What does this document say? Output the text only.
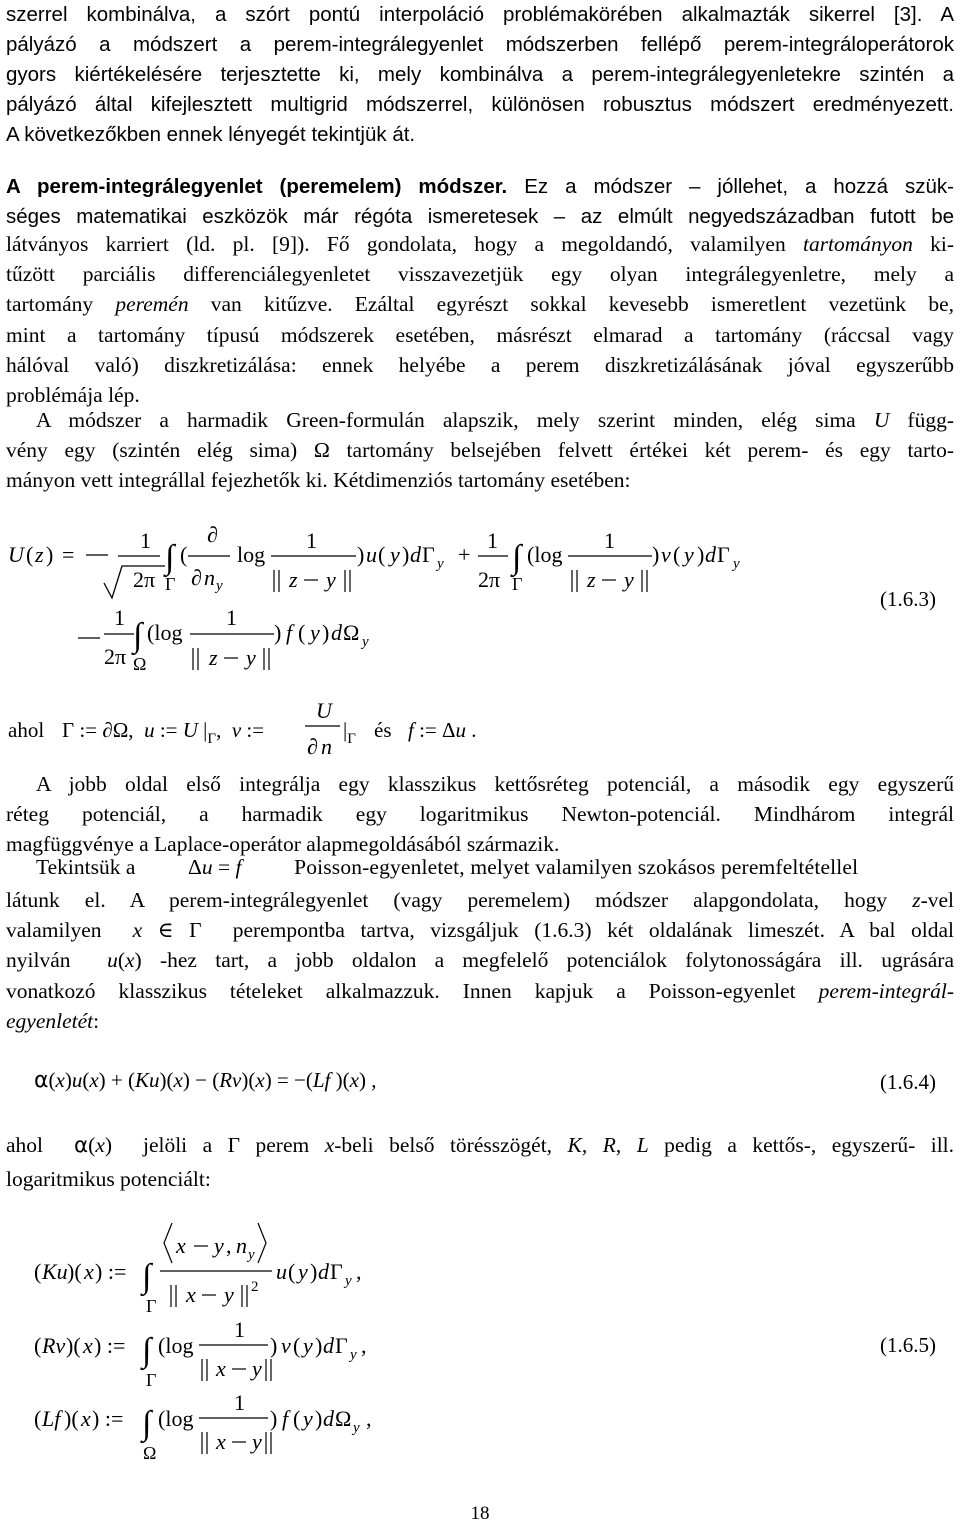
szerrel kombinálva, a szórt pontú interpoláció problémakörében alkalmazták sikerrel [3]. A
pályázó a módszert a perem-integrálegyenlet módszerben fellépő perem-integráloperátorok
gyors kiértékelésére terjesztette ki, mely kombinálva a perem-integrálegyenletekre szintén a
pályázó által kifejlesztett multigrid módszerrel, különösen robusztus módszert eredményezett.
A következőkben ennek lényegét tekintjük át.
A perem-integrálegyenlet (peremelem) módszer. Ez a módszer – jóllehet, a hozzá szük-
séges matematikai eszközök már régóta ismeretesek – az elmúlt negyedszázadban futott be
látványos karriert (ld. pl. [9]). Fő gondolata, hogy a megoldandó, valamilyen tartományon ki-
tűzött parciális differenciálegyenletet visszavezetjük egy olyan integrálegyenletre, mely a
tartomány peremén van kitűzve. Ezáltal egyrészt sokkal kevesebb ismeretlent vezetünk be,
mint a tartomány típusú módszerek esetében, másrészt elmarad a tartomány (ráccsal vagy
hálóval való) diszkretizálása: ennek helyébe a perem diszkretizálásának jóval egyszerűbb
problémája lép.
A módszer a harmadik Green-formulán alapszik, mely szerint minden, elég sima U függ-
vény egy (szintén elég sima) Ω tartomány belsejében felvett értékei két perem- és egy tarto-
mányon vett integrállal fejezhetők ki. Kétdimenziós tartomány esetében:
U ( z ) =
1
2π
∫
Γ
(
∂
∂ n y
log
1
z y
) u ( y ) d Γ y +
1
2π
∫
Γ
(log
1
z y
) v ( y ) d Γ y
1
2π
∫
Ω
(log
1
z y
) f ( y ) d Ω y
(1.6.3)
U
∂ n
ahol Γ := ∂Ω,  u := U $|_\Gamma$,  v :=	$|_\Gamma$ és f := Δu .
A jobb oldal első integrálja egy klasszikus kettősréteg potenciál, a második egy egyszerű
réteg potenciál, a harmadik egy logaritmikus Newton-potenciál. Mindhárom integrál
magfüggvénye a Laplace-operátor alapmegoldásából származik.
Tekintsük a Δu = f Poisson-egyenletet, melyet valamilyen szokásos peremfeltétellel
látunk el. A perem-integrálegyenlet (vagy peremelem) módszer alapgondolata, hogy z-vel
valamilyen x ∈ Γ  perempontba tartva, vizsgáljuk (1.6.3) két oldalának limeszét. A bal oldal
nyilván u(x) -hez tart, a jobb oldalon a megfelelő potenciálok folytonosságára ill. ugrására
vonatkozó klasszikus tételeket alkalmazzuk. Innen kapjuk a Poisson-egyenlet perem-integrál-
egyenletét:
α(x)u(x) + (Ku)(x) − (Rv)(x) = −(Lf )(x) ,	(1.6.4)
ahol α(x)  jelöli a Γ perem x-beli belső törésszögét, K, R, L pedig a kettős-, egyszerű- ill.
logaritmikus potenciált:
( Ku )( x ) := ∫
Γ
x y , n y
x y 2
u ( y ) d Γ y ,
( Rv )( x ) := ∫
Γ
(log
1
x y
) v ( y ) d Γ y ,
( Lf )( x ) := ∫
Ω
(log
1
x y
) f ( y ) d Ω y ,
(1.6.5)
18
